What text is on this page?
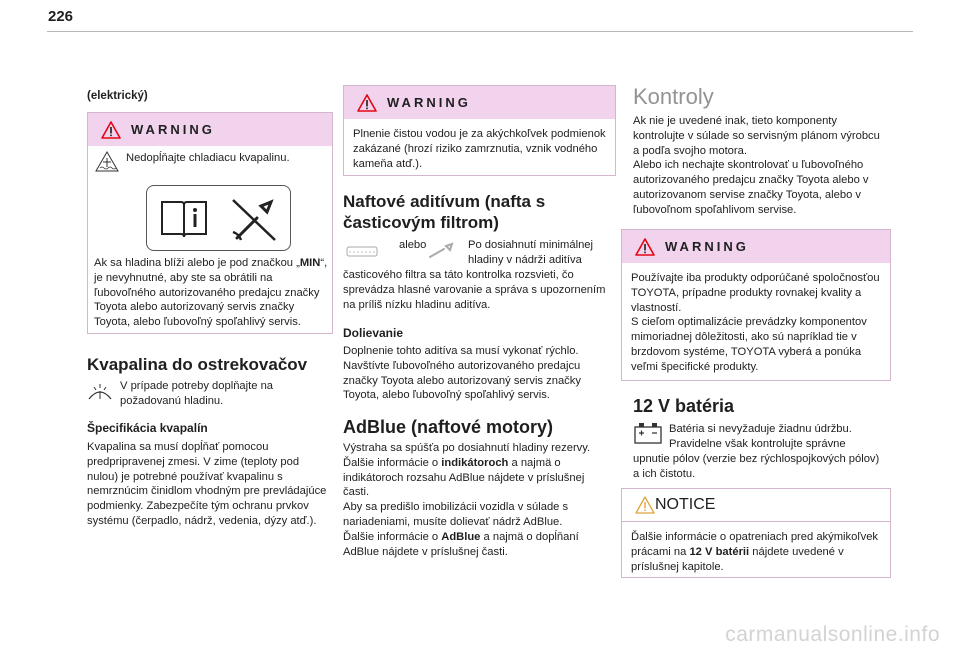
226
(elektrický)
WARNING
Nedopĺňajte chladiacu kvapalinu.
Ak sa hladina blíži alebo je pod značkou „MIN“, je nevyhnutné, aby ste sa obrátili na ľubovoľného autorizovaného predajcu značky Toyota alebo autorizovaný servis značky Toyota, alebo ľubovoľný spoľahlivý servis.
Kvapalina do ostrekovačov
V prípade potreby doplňajte na požadovanú hladinu.
Špecifikácia kvapalín
Kvapalina sa musí dopĺňať pomocou predpripravenej zmesi. V zime (teploty pod nulou) je potrebné používať kvapalinu s nemrznúcim činidlom vhodným pre prevládajúce podmienky. Zabezpečíte tým ochranu prvkov systému (čerpadlo, nádrž, vedenia, dýzy atď.).
WARNING
Plnenie čistou vodou je za akýchkoľvek podmienok zakázané (hrozí riziko zamrznutia, vznik vodného kameňa atď.).
Naftové aditívum (nafta s časticovým filtrom)
alebo	Po dosiahnutí minimálnej hladiny v nádrži aditíva
časticového filtra sa táto kontrolka rozsvieti, čo sprevádza hlasné varovanie a správa s upozornením na príliš nízku hladinu aditíva.
Dolievanie
Doplnenie tohto aditíva sa musí vykonať rýchlo. Navštívte ľubovoľného autorizovaného predajcu značky Toyota alebo autorizovaný servis značky Toyota, alebo ľubovoľný spoľahlivý servis.
AdBlue (naftové motory)

Výstraha sa spúšťa po dosiahnutí hladiny rezervy.

Ďalšie informácie o indikátoroch a najmä o indikátoroch rozsahu AdBlue nájdete v príslušnej časti.

Aby sa predišlo imobilizácii vozidla v súlade s nariadeniami, musíte dolievať nádrž AdBlue.

Ďalšie informácie o AdBlue a najmä o dopĺňaní AdBlue nájdete v príslušnej časti.

Kontroly

Ak nie je uvedené inak, tieto komponenty kontrolujte v súlade so servisným plánom výrobcu a podľa svojho motora.

Alebo ich nechajte skontrolovať u ľubovoľného autorizovaného predajcu značky Toyota alebo v autorizovanom servise značky Toyota, alebo v ľubovoľnom spoľahlivom servise.

WARNING

Používajte iba produkty odporúčané spoločnosťou TOYOTA, prípadne produkty rovnakej kvality a vlastností.

S cieľom optimalizácie prevádzky komponentov mimoriadnej dôležitosti, ako sú napríklad tie v brzdovom systéme, TOYOTA vyberá a ponúka veľmi špecifické produkty.

12 V batéria
Batéria si nevyžaduje žiadnu údržbu. Pravidelne však kontrolujte správne
upnutie pólov (verzie bez rýchlospojkových pólov) a ich čistotu.
NOTICE
Ďalšie informácie o opatreniach pred akýmikoľvek prácami na 12 V batérii nájdete uvedené v príslušnej kapitole.
carmanualsonline.info
